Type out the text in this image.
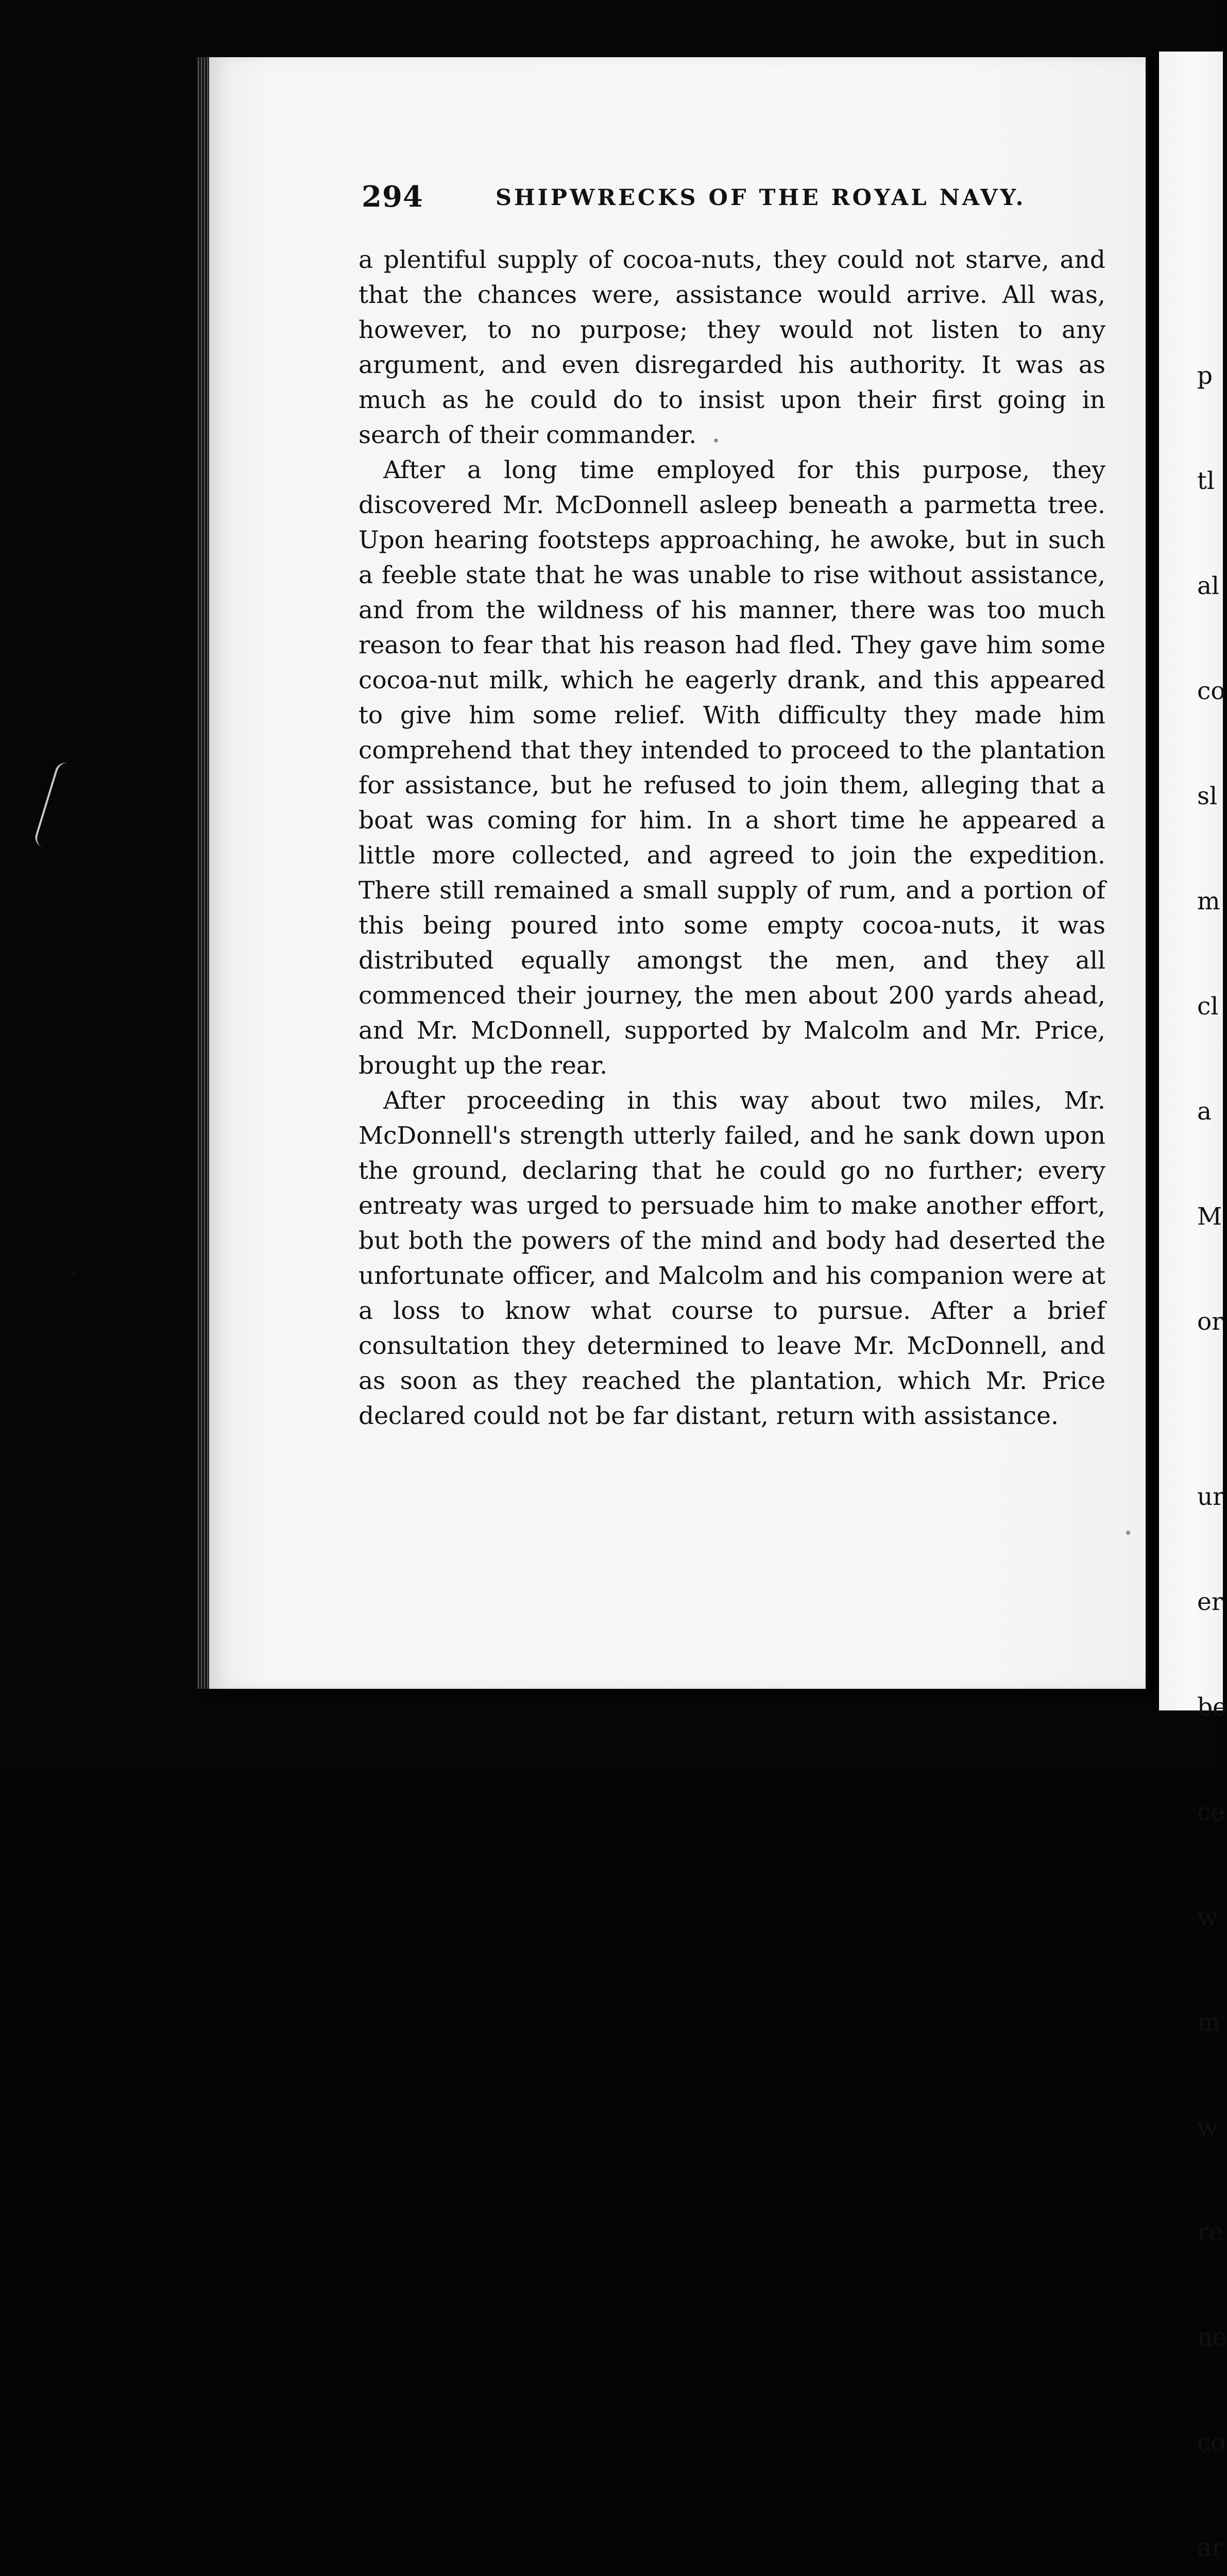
294	SHIPWRECKS OF THE ROYAL NAVY.

a plentiful supply of cocoa-nuts, they could not starve, and that the chances were, assistance would arrive. All was, however, to no purpose; they would not listen to any argument, and even disregarded his authority. It was as much as he could do to insist upon their first going in search of their commander.

After a long time employed for this purpose, they discovered Mr. McDonnell asleep beneath a parmetta tree. Upon hearing footsteps approaching, he awoke, but in such a feeble state that he was unable to rise without assistance, and from the wildness of his manner, there was too much reason to fear that his reason had fled. They gave him some cocoa-nut milk, which he eagerly drank, and this appeared to give him some relief. With difficulty they made him comprehend that they intended to proceed to the plantation for assistance, but he refused to join them, alleging that a boat was coming for him. In a short time he appeared a little more collected, and agreed to join the expedition. There still remained a small supply of rum, and a portion of this being poured into some empty cocoa-nuts, it was distributed equally amongst the men, and they all commenced their journey, the men about 200 yards ahead, and Mr. McDonnell, supported by Malcolm and Mr. Price, brought up the rear.

After proceeding in this way about two miles, Mr. McDonnell's strength utterly failed, and he sank down upon the ground, declaring that he could go no further; every entreaty was urged to persuade him to make another effort, but both the powers of the mind and body had deserted the unfortunate officer, and Malcolm and his companion were at a loss to know what course to pursue. After a brief consultation they determined to leave Mr. McDonnell, and as soon as they reached the plantation, which Mr. Price declared could not be far distant, return with assistance.

p

tl

al

co

sl

m

cl

a

M

or

ur

er

be

ce

w

m

w

re

ne

co

ar
